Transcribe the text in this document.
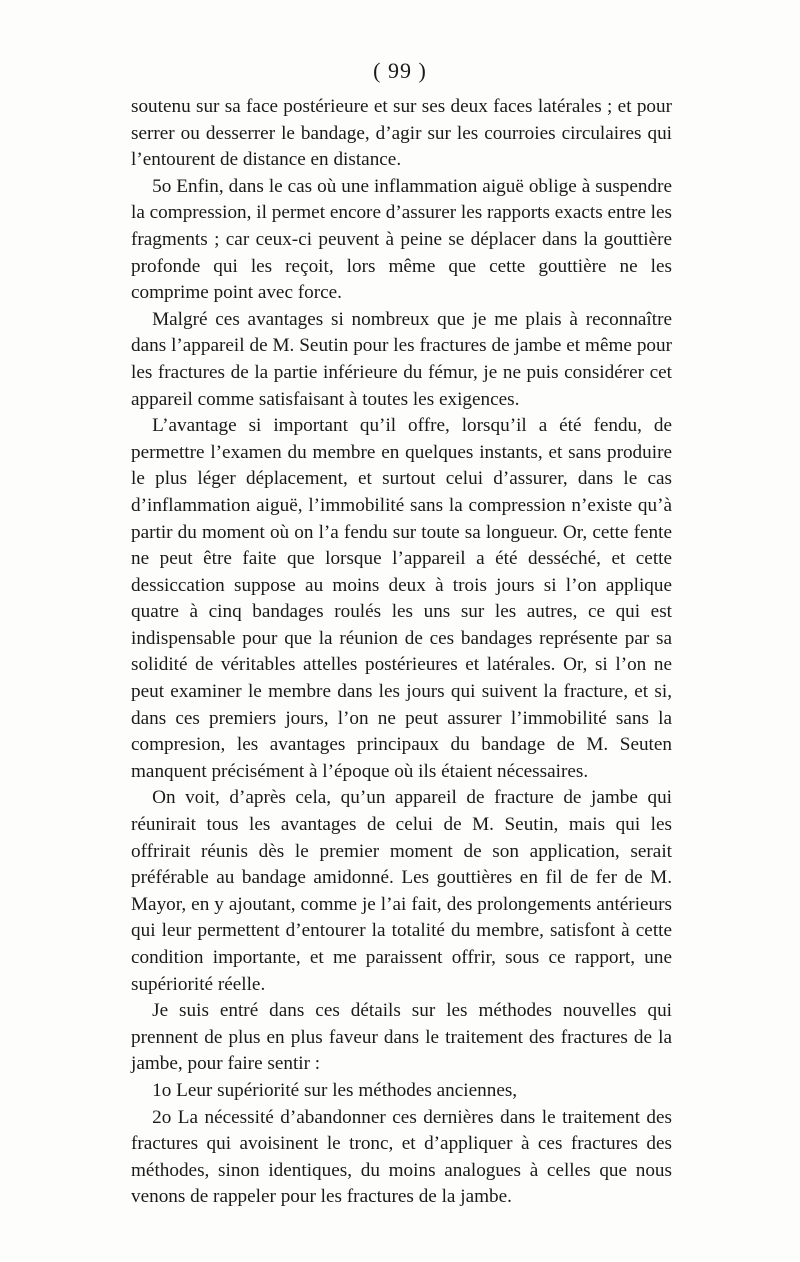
( 99 )

soutenu sur sa face postérieure et sur ses deux faces latérales ; et pour serrer ou desserrer le bandage, d’agir sur les courroies circulaires qui l’entourent de distance en distance.

5o Enfin, dans le cas où une inflammation aiguë oblige à suspendre la compression, il permet encore d’assurer les rapports exacts entre les fragments ; car ceux-ci peuvent à peine se déplacer dans la gouttière profonde qui les reçoit, lors même que cette gouttière ne les comprime point avec force.

Malgré ces avantages si nombreux que je me plais à reconnaître dans l’appareil de M. Seutin pour les fractures de jambe et même pour les fractures de la partie inférieure du fémur, je ne puis considérer cet appareil comme satisfaisant à toutes les exigences.

L’avantage si important qu’il offre, lorsqu’il a été fendu, de permettre l’examen du membre en quelques instants, et sans produire le plus léger déplacement, et surtout celui d’assurer, dans le cas d’inflammation aiguë, l’immobilité sans la compression n’existe qu’à partir du moment où on l’a fendu sur toute sa longueur. Or, cette fente ne peut être faite que lorsque l’appareil a été desséché, et cette dessiccation suppose au moins deux à trois jours si l’on applique quatre à cinq bandages roulés les uns sur les autres, ce qui est indispensable pour que la réunion de ces bandages représente par sa solidité de véritables attelles postérieures et latérales. Or, si l’on ne peut examiner le membre dans les jours qui suivent la fracture, et si, dans ces premiers jours, l’on ne peut assurer l’immobilité sans la compresion, les avantages principaux du bandage de M. Seuten manquent précisément à l’époque où ils étaient nécessaires.

On voit, d’après cela, qu’un appareil de fracture de jambe qui réunirait tous les avantages de celui de M. Seutin, mais qui les offrirait réunis dès le premier moment de son application, serait préférable au bandage amidonné. Les gouttières en fil de fer de M. Mayor, en y ajoutant, comme je l’ai fait, des prolongements antérieurs qui leur permettent d’entourer la totalité du membre, satisfont à cette condition importante, et me paraissent offrir, sous ce rapport, une supériorité réelle.

Je suis entré dans ces détails sur les méthodes nouvelles qui prennent de plus en plus faveur dans le traitement des fractures de la jambe, pour faire sentir :

1o Leur supériorité sur les méthodes anciennes,

2o La nécessité d’abandonner ces dernières dans le traitement des fractures qui avoisinent le tronc, et d’appliquer à ces fractures des méthodes, sinon identiques, du moins analogues à celles que nous venons de rappeler pour les fractures de la jambe.
